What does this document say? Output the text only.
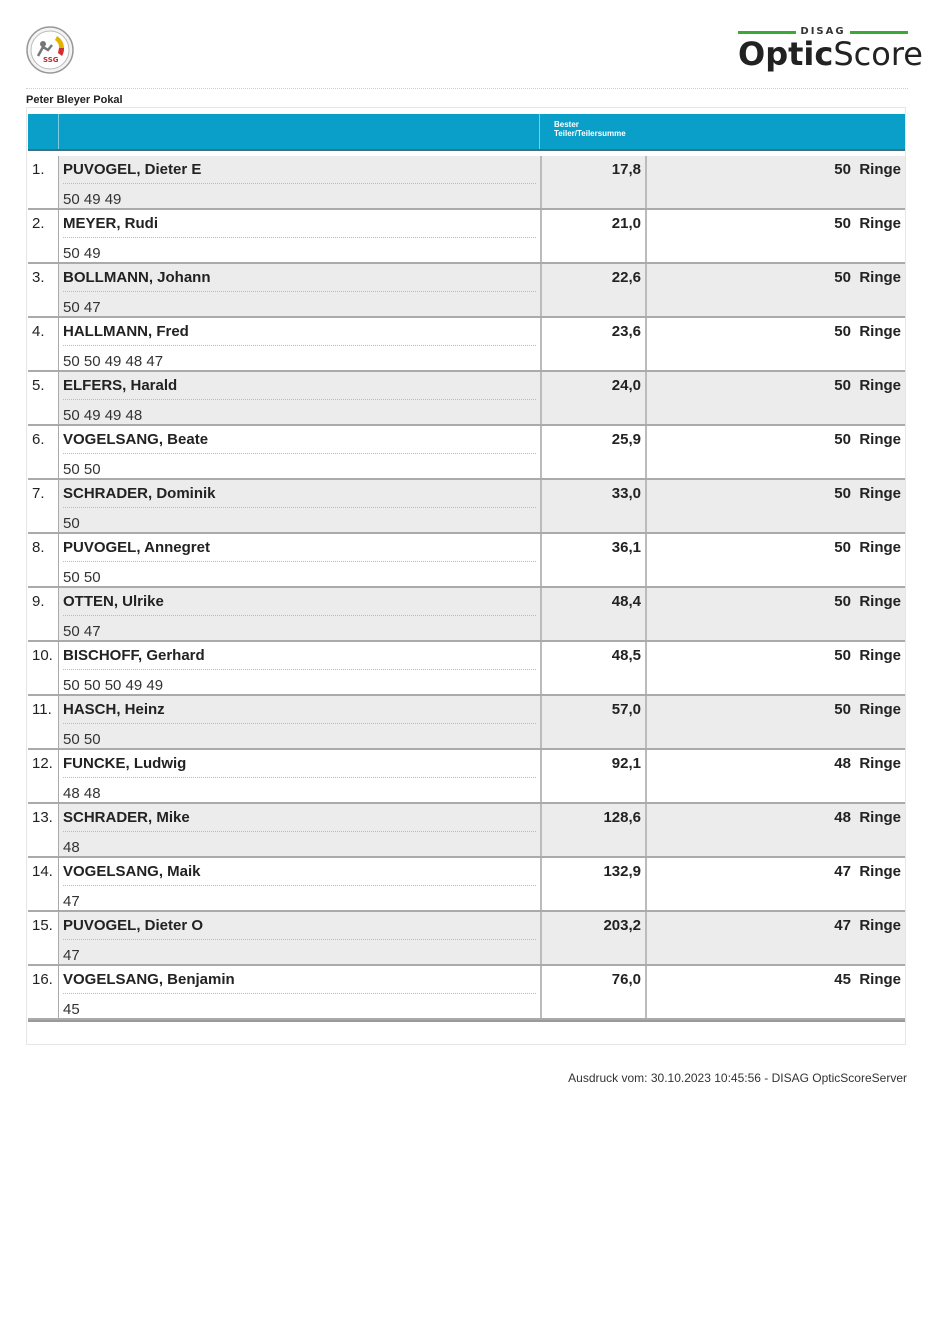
SSG
DISAG
OpticScore
Peter Bleyer Pokal
Bester
Teiler/Teilersumme
1. PUVOGEL, Dieter E
50 49 49
17,8	50 Ringe
2. MEYER, Rudi
50 49
21,0	50 Ringe
3. BOLLMANN, Johann
50 47
22,6	50 Ringe
4. HALLMANN, Fred
50 50 49 48 47
23,6	50 Ringe
5. ELFERS, Harald
50 49 49 48
24,0	50 Ringe
6. VOGELSANG, Beate
50 50
25,9	50 Ringe
7. SCHRADER, Dominik
50
33,0	50 Ringe
8. PUVOGEL, Annegret
50 50
36,1	50 Ringe
9. OTTEN, Ulrike
50 47
48,4	50 Ringe
10. BISCHOFF, Gerhard
50 50 50 49 49
48,5	50 Ringe
11. HASCH, Heinz
50 50
57,0	50 Ringe
12. FUNCKE, Ludwig
48 48
92,1	48 Ringe
13. SCHRADER, Mike
48
128,6	48 Ringe
14. VOGELSANG, Maik
47
132,9	47 Ringe
15. PUVOGEL, Dieter O
47
203,2	47 Ringe
16. VOGELSANG, Benjamin
45
76,0	45 Ringe
Ausdruck vom: 30.10.2023 10:45:56 - DISAG OpticScoreServer
